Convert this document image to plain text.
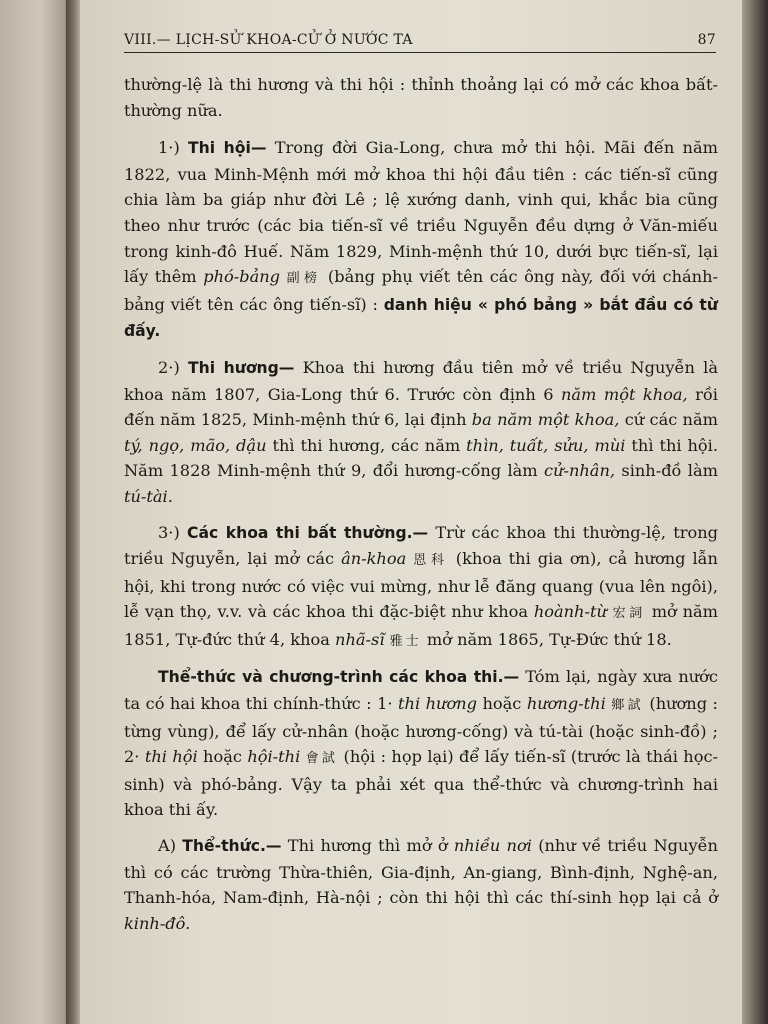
VIII.— LỊCH-SỬ KHOA-CỬ Ở NƯỚC TA	87

thường-lệ là thi hương và thi hội : thỉnh thoảng lại có mở các khoa bất-thường nữa.

1·) Thi hội— Trong đời Gia-Long, chưa mở thi hội. Mãi đến năm 1822, vua Minh-Mệnh mới mở khoa thi hội đầu tiên : các tiến-sĩ cũng chia làm ba giáp như đời Lê ; lệ xướng danh, vinh qui, khắc bia cũng theo như trước (các bia tiến-sĩ về triều Nguyễn đều dựng ở Văn-miếu trong kinh-đô Huế. Năm 1829, Minh-mệnh thứ 10, dưới bực tiến-sĩ, lại lấy thêm phó-bảng 副榜 (bảng phụ viết tên các ông này, đối với chánh-bảng viết tên các ông tiến-sĩ) : danh hiệu « phó bảng » bắt đầu có từ đấy.

2·) Thi hương— Khoa thi hương đầu tiên mở về triều Nguyễn là khoa năm 1807, Gia-Long thứ 6. Trước còn định 6 năm một khoa, rồi đến năm 1825, Minh-mệnh thứ 6, lại định ba năm một khoa, cứ các năm tý, ngọ, mão, dậu thì thi hương, các năm thìn, tuất, sửu, mùi thì thi hội. Năm 1828 Minh-mệnh thứ 9, đổi hương-cống làm cử-nhân, sinh-đồ làm tú-tài.

3·) Các khoa thi bất thường.— Trừ các khoa thi thường-lệ, trong triều Nguyễn, lại mở các ân-khoa 恩科 (khoa thi gia ơn), cả hương lẫn hội, khi trong nước có việc vui mừng, như lễ đăng quang (vua lên ngôi), lễ vạn thọ, v.v. và các khoa thi đặc-biệt như khoa hoành-từ 宏詞 mở năm 1851, Tự-đức thứ 4, khoa nhã-sĩ 雅士 mở năm 1865, Tự-Đức thứ 18.

Thể-thức và chương-trình các khoa thi.— Tóm lại, ngày xưa nước ta có hai khoa thi chính-thức : 1· thi hương hoặc hương-thi 鄉試 (hương : từng vùng), để lấy cử-nhân (hoặc hương-cống) và tú-tài (hoặc sinh-đồ) ; 2· thi hội hoặc hội-thi 會試 (hội : họp lại) để lấy tiến-sĩ (trước là thái học-sinh) và phó-bảng. Vậy ta phải xét qua thể-thức và chương-trình hai khoa thi ấy.

A) Thể-thức.— Thi hương thì mở ở nhiều nơi (như về triều Nguyễn thì có các trường Thừa-thiên, Gia-định, An-giang, Bình-định, Nghệ-an, Thanh-hóa, Nam-định, Hà-nội ; còn thi hội thì các thí-sinh họp lại cả ở kinh-đô.
